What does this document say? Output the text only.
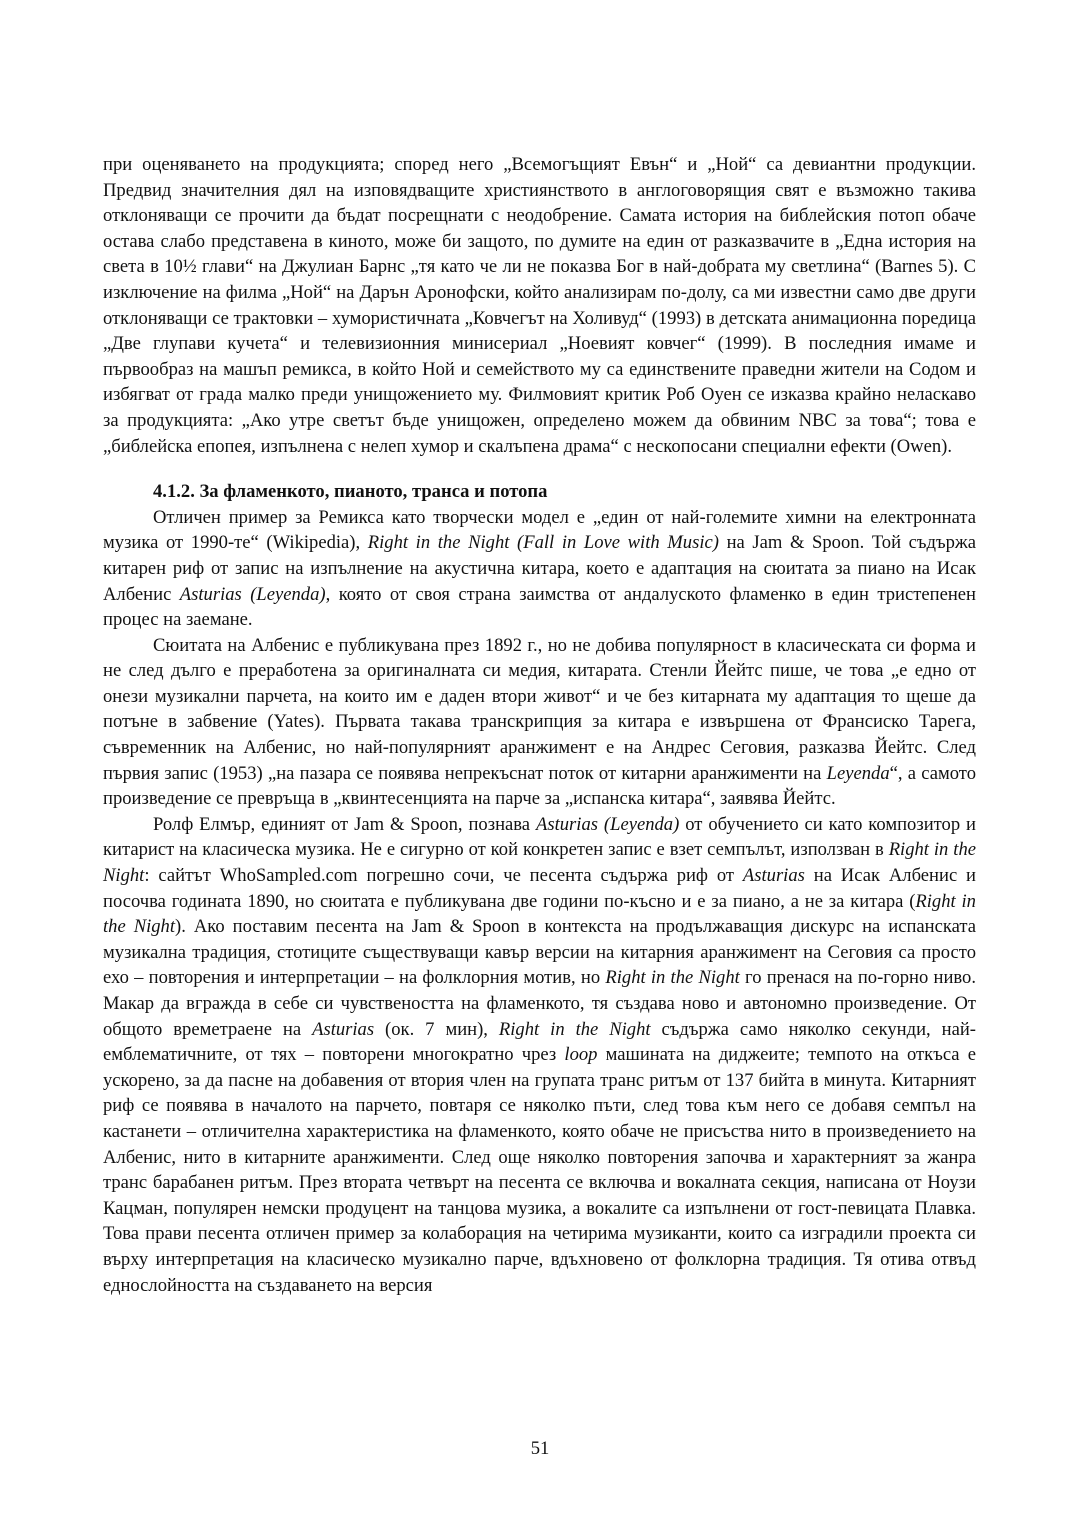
при оценяването на продукцията; според него „Всемогъщият Евън“ и „Ной“ са девиантни продукции. Предвид значителния дял на изповядващите християнството в англоговорящия свят е възможно такива отклоняващи се прочити да бъдат посрещнати с неодобрение. Самата история на библейския потоп обаче остава слабо представена в киното, може би защото, по думите на един от разказвачите в „Една история на света в 10½ глави“ на Джулиан Барнс „тя като че ли не показва Бог в най-добрата му светлина“ (Barnes 5). С изключение на филма „Ной“ на Дарън Аронофски, който анализирам по-долу, са ми известни само две други отклоняващи се трактовки – хумористичната „Ковчегът на Холивуд“ (1993) в детската анимационна поредица „Две глупави кучета“ и телевизионния минисериал „Ноевият ковчег“ (1999). В последния имаме и първообраз на машъп ремикса, в който Ной и семейството му са единствените праведни жители на Содом и избягват от града малко преди унищожението му. Филмовият критик Роб Оуен се изказва крайно неласкаво за продукцията: „Ако утре светът бъде унищожен, определено можем да обвиним NBC за това“; това е „библейска епопея, изпълнена с нелеп хумор и скалъпена драма“ с нескопосани специални ефекти (Owen).

4.1.2. За фламенкото, пианото, транса и потопа

Отличен пример за Ремикса като творчески модел е „един от най-големите химни на електронната музика от 1990-те“ (Wikipedia), Right in the Night (Fall in Love with Music) на Jam & Spoon. Той съдържа китарен риф от запис на изпълнение на акустична китара, което е адаптация на сюитата за пиано на Исак Албенис Asturias (Leyenda), която от своя страна заимства от андалуското фламенко в един тристепенен процес на заемане.

Сюитата на Албенис е публикувана през 1892 г., но не добива популярност в класическата си форма и не след дълго е преработена за оригиналната си медия, китарата. Стенли Йейтс пише, че това „е едно от онези музикални парчета, на които им е даден втори живот“ и че без китарната му адаптация то щеше да потъне в забвение (Yates). Първата такава транскрипция за китара е извършена от Франсиско Тарега, съвременник на Албенис, но най-популярният аранжимент е на Андрес Сеговия, разказва Йейтс. След първия запис (1953) „на пазара се появява непрекъснат поток от китарни аранжименти на Leyenda“, а самото произведение се превръща в „квинтесенцията на парче за „испанска китара“, заявява Йейтс.

Ролф Елмър, единият от Jam & Spoon, познава Asturias (Leyenda) от обучението си като композитор и китарист на класическа музика. Не е сигурно от кой конкретен запис е взет семпълът, използван в Right in the Night: сайтът WhoSampled.com погрешно сочи, че песента съдържа риф от Asturias на Исак Албенис и посочва годината 1890, но сюитата е публикувана две години по-късно и е за пиано, а не за китара (Right in the Night). Ако поставим песента на Jam & Spoon в контекста на продължаващия дискурс на испанската музикална традиция, стотиците съществуващи кавър версии на китарния аранжимент на Сеговия са просто ехо – повторения и интерпретации – на фолклорния мотив, но Right in the Night го пренася на по-горно ниво. Макар да вгражда в себе си чувствеността на фламенкото, тя създава ново и автономно произведение. От общото времетраене на Asturias (ок. 7 мин), Right in the Night съдържа само няколко секунди, най-емблематичните, от тях – повторени многократно чрез loop машината на диджеите; темпото на откъса е ускорено, за да пасне на добавения от втория член на групата транс ритъм от 137 бийта в минута. Китарният риф се появява в началото на парчето, повтаря се няколко пъти, след това към него се добавя семпъл на кастанети – отличителна характеристика на фламенкото, която обаче не присъства нито в произведението на Албенис, нито в китарните аранжименти. След още няколко повторения започва и характерният за жанра транс барабанен ритъм. През втората четвърт на песента се включва и вокалната секция, написана от Ноузи Кацман, популярен немски продуцент на танцова музика, а вокалите са изпълнени от гост-певицата Плавка. Това прави песента отличен пример за колаборация на четирима музиканти, които са изградили проекта си върху интерпретация на класическо музикално парче, вдъхновено от фолклорна традиция. Тя отива отвъд еднослойността на създаването на версия

51
